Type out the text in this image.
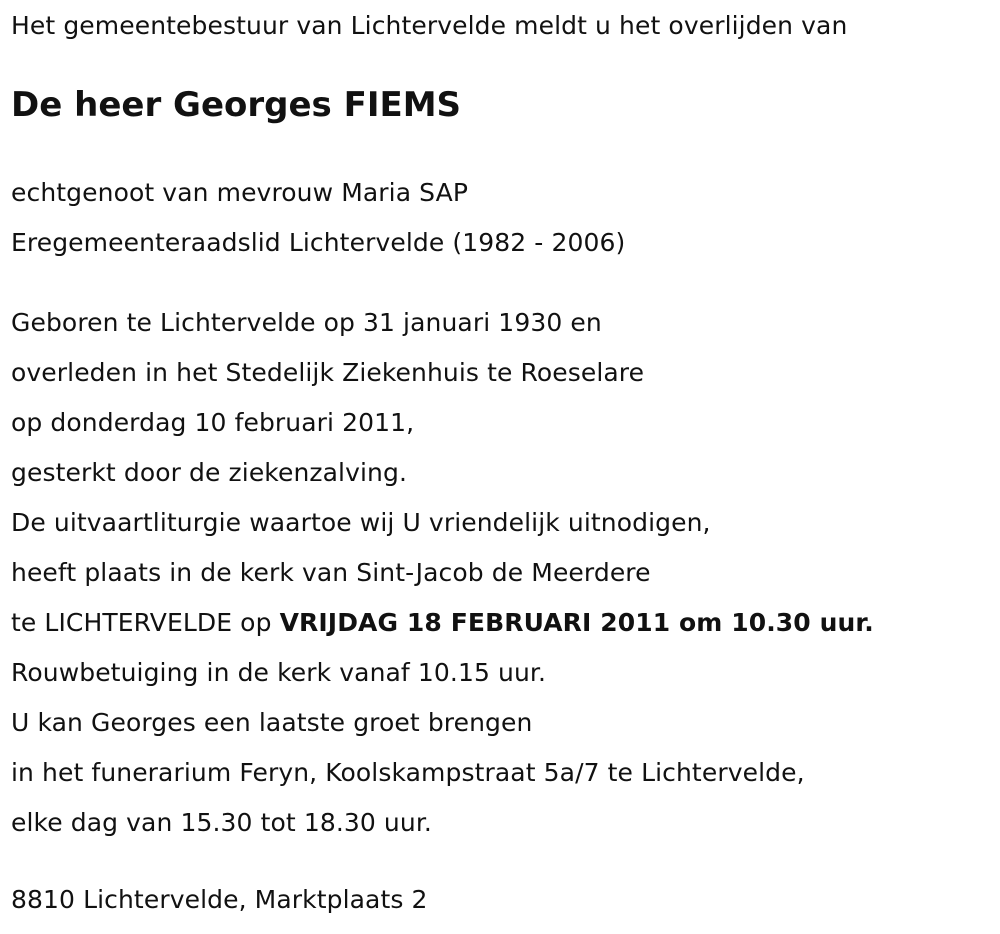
Het gemeentebestuur van Lichtervelde meldt u het overlijden van
De heer Georges FIEMS
echtgenoot van mevrouw Maria SAP
Eregemeenteraadslid Lichtervelde (1982 - 2006)
Geboren te Lichtervelde op 31 januari 1930 en
overleden in het Stedelijk Ziekenhuis te Roeselare
op donderdag 10 februari 2011,
gesterkt door de ziekenzalving.
De uitvaartliturgie waartoe wij U vriendelijk uitnodigen,
heeft plaats in de kerk van Sint-Jacob de Meerdere
te LICHTERVELDE op VRIJDAG 18 FEBRUARI 2011 om 10.30 uur.
Rouwbetuiging in de kerk vanaf 10.15 uur.
U kan Georges een laatste groet brengen
in het funerarium Feryn, Koolskampstraat 5a/7 te Lichtervelde,
elke dag van 15.30 tot 18.30 uur.
8810 Lichtervelde, Marktplaats 2
